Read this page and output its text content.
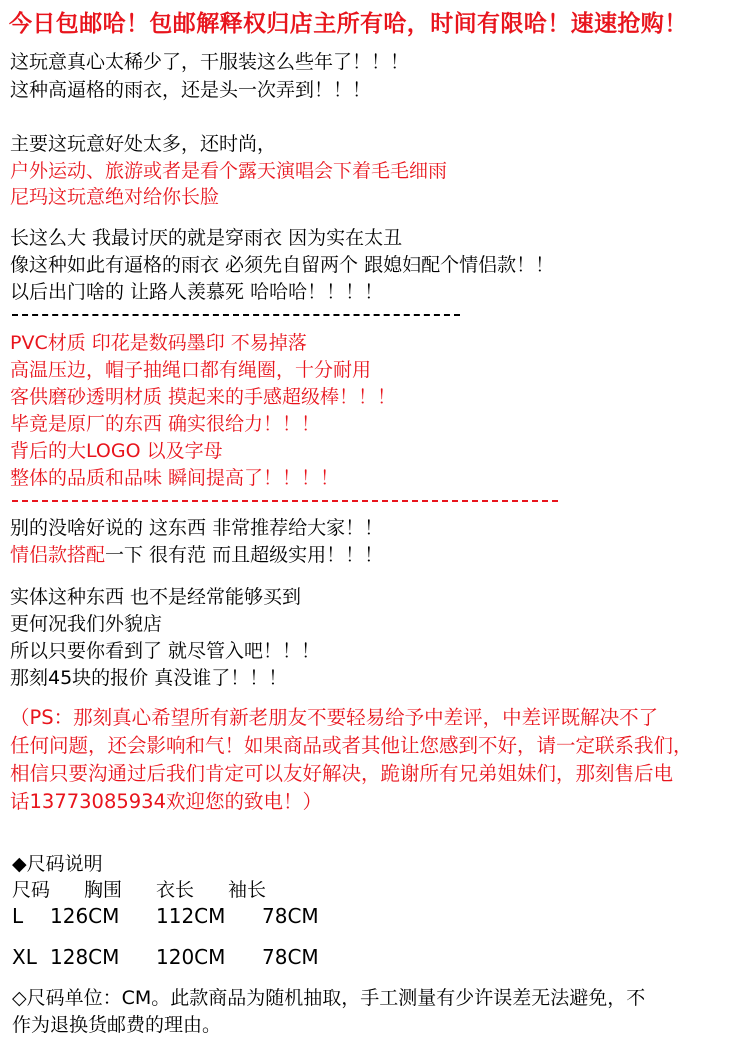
今日包邮哈！包邮解释权归店主所有哈，时间有限哈！速速抢购！
这玩意真心太稀少了，干服装这么些年了！！！
这种高逼格的雨衣，还是头一次弄到！！！
主要这玩意好处太多，还时尚，
户外运动、旅游或者是看个露天演唱会下着毛毛细雨
尼玛这玩意绝对给你长脸
长这么大 我最讨厌的就是穿雨衣 因为实在太丑
像这种如此有逼格的雨衣 必须先自留两个 跟媳妇配个情侣款！！
以后出门啥的 让路人羡慕死 哈哈哈！！！！
PVC材质 印花是数码墨印 不易掉落
高温压边，帽子抽绳口都有绳圈，十分耐用
客供磨砂透明材质 摸起来的手感超级棒！！！
毕竟是原厂的东西 确实很给力！！！
背后的大LOGO 以及字母
整体的品质和品味 瞬间提高了！！！！
别的没啥好说的 这东西 非常推荐给大家！！
情侣款搭配一下 很有范 而且超级实用！！！
实体这种东西 也不是经常能够买到
更何况我们外貌店
所以只要你看到了 就尽管入吧！！！
那刻45块的报价 真没谁了！！！
（PS：那刻真心希望所有新老朋友不要轻易给予中差评，中差评既解决不了
任何问题，还会影响和气！如果商品或者其他让您感到不好，请一定联系我们，
相信只要沟通过后我们肯定可以友好解决，跪谢所有兄弟姐妹们，那刻售后电
话13773085934欢迎您的致电！）
◆尺码说明
尺码 胸围 衣长 袖长
L 126CM 112CM 78CM
XL 128CM 120CM 78CM
◇尺码单位：CM。此款商品为随机抽取，手工测量有少许误差无法避免，不
作为退换货邮费的理由。
